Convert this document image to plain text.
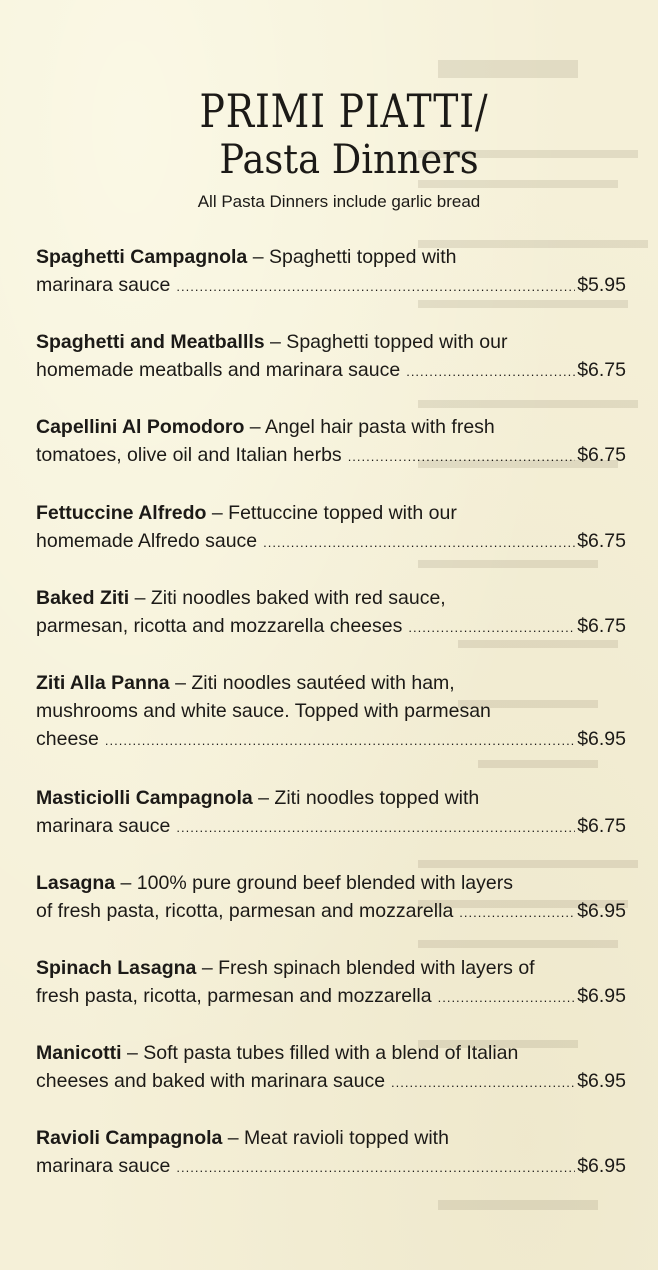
PRIMI PIATTI/
Pasta Dinners
All Pasta Dinners include garlic bread
Spaghetti Campagnola – Spaghetti topped with
marinara sauce .....	$5.95
Spaghetti and Meatballls – Spaghetti topped with our
homemade meatballs and marinara sauce .....	$6.75
Capellini Al Pomodoro – Angel hair pasta with fresh
tomatoes, olive oil and Italian herbs .....	$6.75
Fettuccine Alfredo – Fettuccine topped with our
homemade Alfredo sauce .....	$6.75
Baked Ziti – Ziti noodles baked with red sauce,
parmesan, ricotta and mozzarella cheeses .....	$6.75
Ziti Alla Panna – Ziti noodles sautéed with ham,
mushrooms and white sauce. Topped with parmesan
cheese .....	$6.95
Masticiolli Campagnola – Ziti noodles topped with
marinara sauce .....	$6.75
Lasagna – 100% pure ground beef blended with layers
of fresh pasta, ricotta, parmesan and mozzarella .....	$6.95
Spinach Lasagna – Fresh spinach blended with layers of
fresh pasta, ricotta, parmesan and mozzarella .....	$6.95
Manicotti – Soft pasta tubes filled with a blend of Italian
cheeses and baked with marinara sauce .....	$6.95
Ravioli Campagnola – Meat ravioli topped with
marinara sauce .....	$6.95
